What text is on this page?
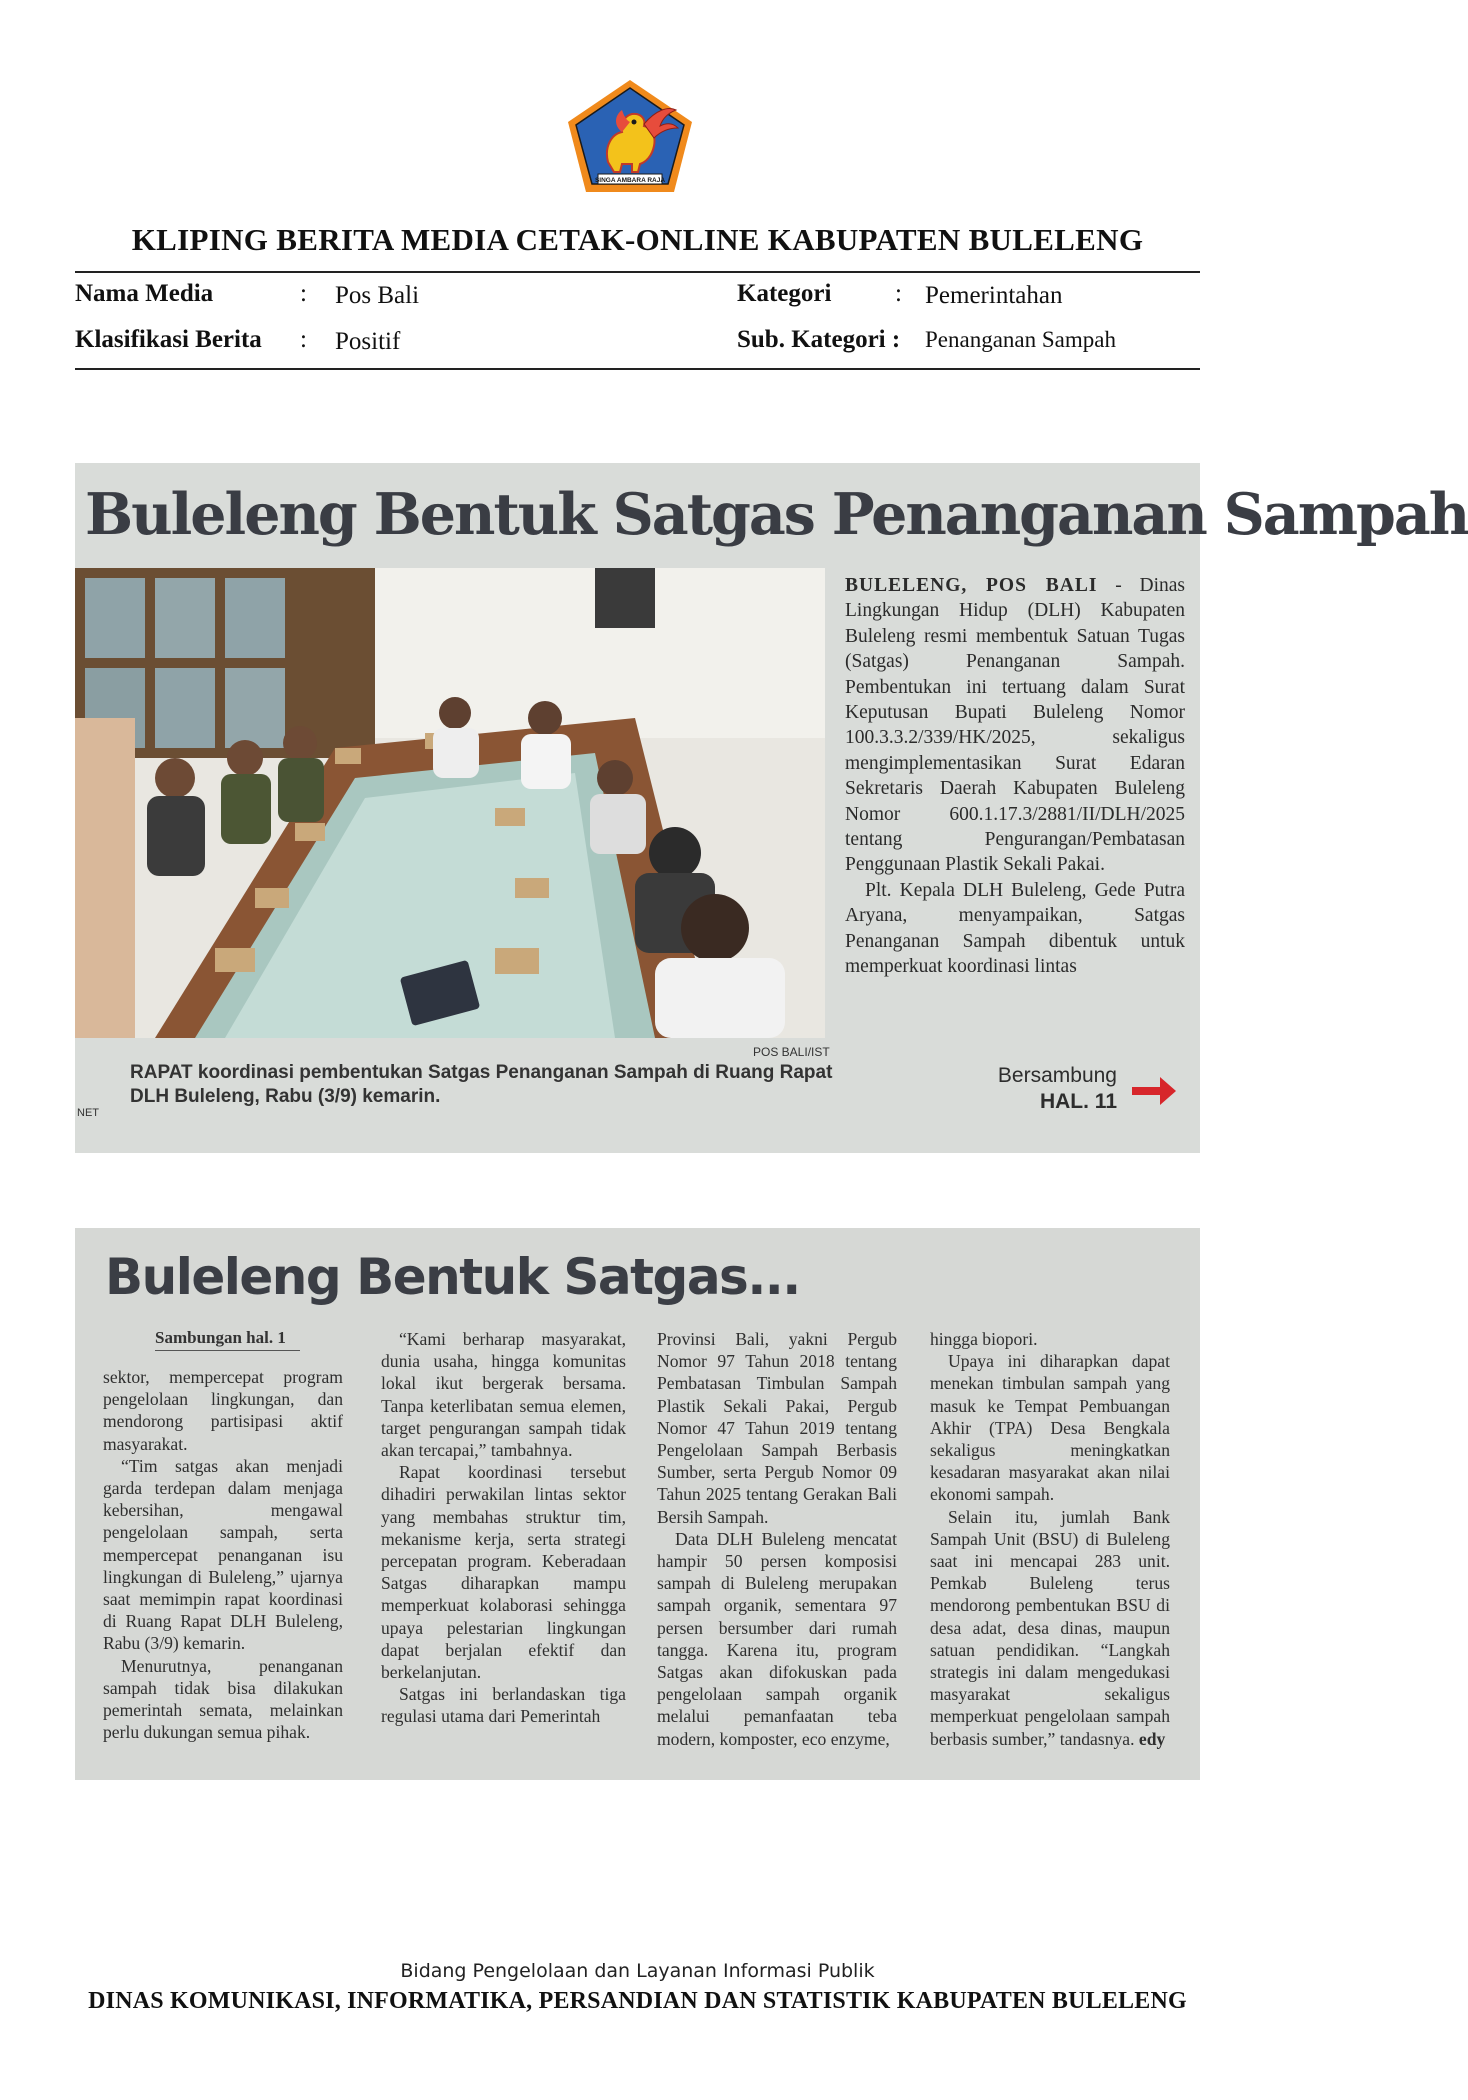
SINGA AMBARA RAJA
KLIPING BERITA MEDIA CETAK-ONLINE KABUPATEN BULELENG
Nama Media	: Pos Bali
Klasifikasi Berita : Positif
Kategori	: Pemerintahan
Sub. Kategori : Penanganan Sampah
Buleleng Bentuk Satgas Penanganan Sampah

BULELENG, POS BALI - Dinas Lingkungan Hidup (DLH) Kabupaten Buleleng resmi membentuk Satuan Tugas (Satgas) Penanganan Sampah. Pembentukan ini tertuang dalam Surat Keputusan Bupati Buleleng Nomor 100.3.3.2/339/HK/2025, sekaligus mengimplementasikan Surat Edaran Sekretaris Daerah Kabupaten Buleleng Nomor 600.1.17.3/2881/II/DLH/2025 tentang Pengurangan/Pembatasan Penggunaan Plastik Sekali Pakai.

Plt. Kepala DLH Buleleng, Gede Putra Aryana, menyampaikan, Satgas Penanganan Sampah dibentuk untuk memperkuat koordinasi lintas

POS BALI/IST
RAPAT koordinasi pembentukan Satgas Penanganan Sampah di Ruang Rapat DLH Buleleng, Rabu (3/9) kemarin.
NET
Bersambung
HAL. 11
Buleleng Bentuk Satgas...
Sambungan hal. 1

sektor, mempercepat program pengelolaan lingkungan, dan mendorong partisipasi aktif masyarakat.

“Tim satgas akan menjadi garda terdepan dalam menjaga kebersihan, mengawal pengelolaan sampah, serta mempercepat penanganan isu lingkungan di Buleleng,” ujarnya saat memimpin rapat koordinasi di Ruang Rapat DLH Buleleng, Rabu (3/9) kemarin.

Menurutnya, penanganan sampah tidak bisa dilakukan pemerintah semata, melainkan perlu dukungan semua pihak.

“Kami berharap masyarakat, dunia usaha, hingga komunitas lokal ikut bergerak bersama. Tanpa keterlibatan semua elemen, target pengurangan sampah tidak akan tercapai,” tambahnya.

Rapat koordinasi tersebut dihadiri perwakilan lintas sektor yang membahas struktur tim, mekanisme kerja, serta strategi percepatan program. Keberadaan Satgas diharapkan mampu memperkuat kolaborasi sehingga upaya pelestarian lingkungan dapat berjalan efektif dan berkelanjutan.

Satgas ini berlandaskan tiga regulasi utama dari Pemerintah

Provinsi Bali, yakni Pergub Nomor 97 Tahun 2018 tentang Pembatasan Timbulan Sampah Plastik Sekali Pakai, Pergub Nomor 47 Tahun 2019 tentang Pengelolaan Sampah Berbasis Sumber, serta Pergub Nomor 09 Tahun 2025 tentang Gerakan Bali Bersih Sampah.

Data DLH Buleleng mencatat hampir 50 persen komposisi sampah di Buleleng merupakan sampah organik, sementara 97 persen bersumber dari rumah tangga. Karena itu, program Satgas akan difokuskan pada pengelolaan sampah organik melalui pemanfaatan teba modern, komposter, eco enzyme,

hingga biopori.

Upaya ini diharapkan dapat menekan timbulan sampah yang masuk ke Tempat Pembuangan Akhir (TPA) Desa Bengkala sekaligus meningkatkan kesadaran masyarakat akan nilai ekonomi sampah.

Selain itu, jumlah Bank Sampah Unit (BSU) di Buleleng saat ini mencapai 283 unit. Pemkab Buleleng terus mendorong pembentukan BSU di desa adat, desa dinas, maupun satuan pendidikan. “Langkah strategis ini dalam mengedukasi masyarakat sekaligus memperkuat pengelolaan sampah berbasis sumber,” tandasnya. edy

Bidang Pengelolaan dan Layanan Informasi Publik
DINAS KOMUNIKASI, INFORMATIKA, PERSANDIAN DAN STATISTIK KABUPATEN BULELENG
